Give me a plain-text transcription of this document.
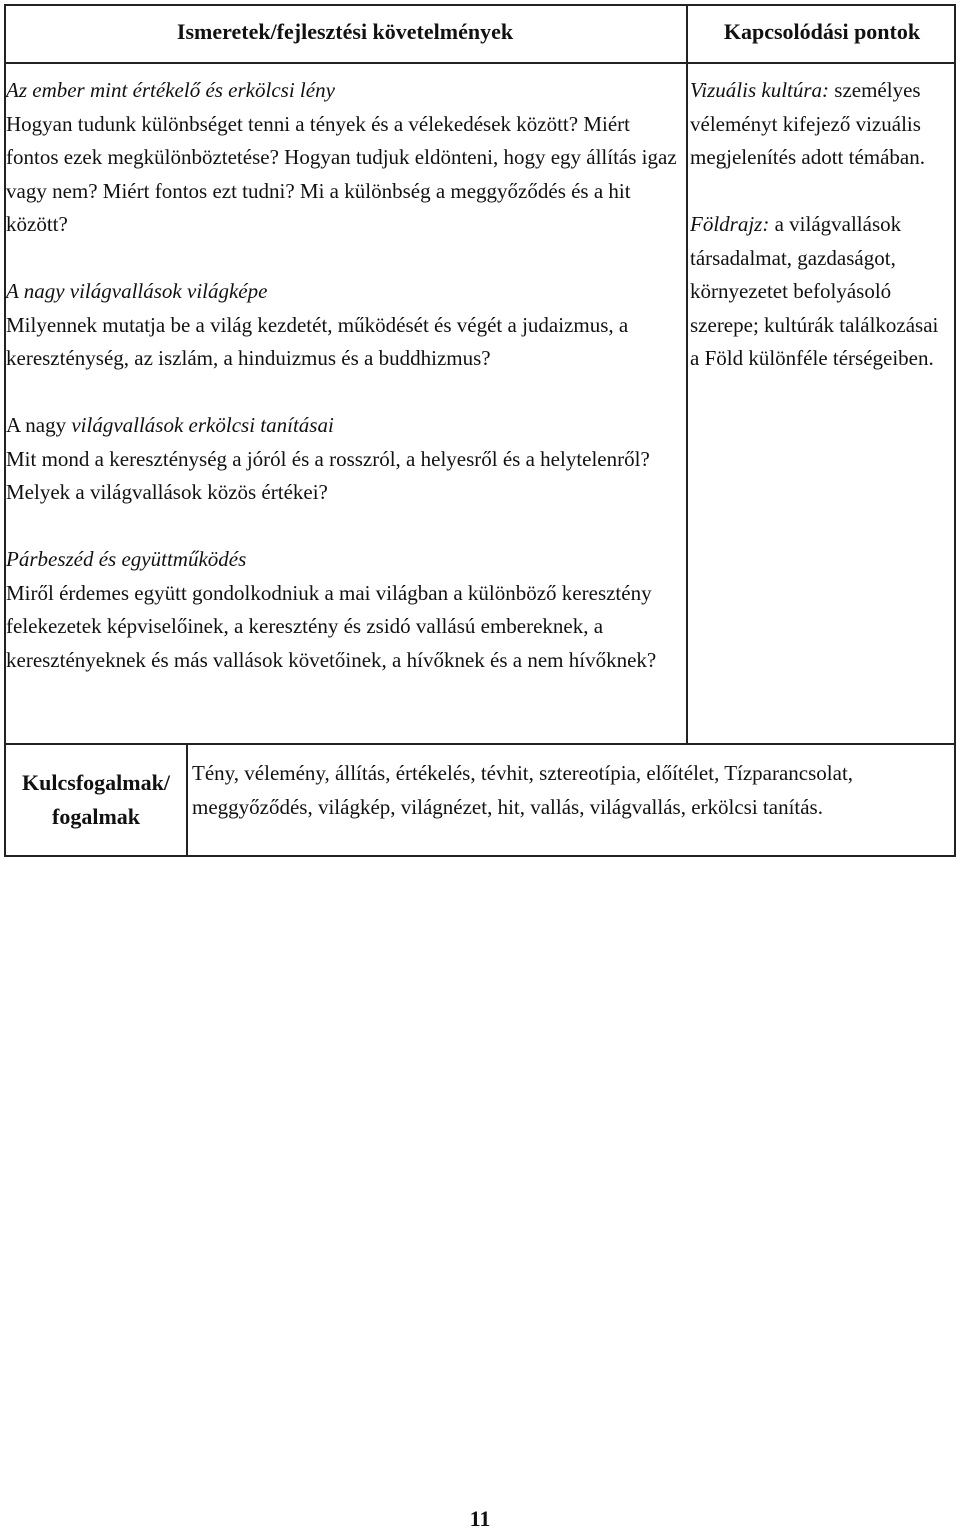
Ismeretek/fejlesztési követelmények	Kapcsolódási pontok
Az ember mint értékelő és erkölcsi lény
Hogyan tudunk különbséget tenni a tények és a vélekedések között? Miért fontos ezek megkülönböztetése? Hogyan tudjuk eldönteni, hogy egy állítás igaz vagy nem? Miért fontos ezt tudni? Mi a különbség a meggyőződés és a hit között?
A nagy világvallások világképe
Milyennek mutatja be a világ kezdetét, működését és végét a judaizmus, a kereszténység, az iszlám, a hinduizmus és a buddhizmus?
A nagy világvallások erkölcsi tanításai
Mit mond a kereszténység a jóról és a rosszról, a helyesről és a helytelenről? Melyek a világvallások közös értékei?
Párbeszéd és együttműködés
Miről érdemes együtt gondolkodniuk a mai világban a különböző keresztény felekezetek képviselőinek, a keresztény és zsidó vallású embereknek, a keresztényeknek és más vallások követőinek, a hívőknek és a nem hívőknek?
Vizuális kultúra: személyes véleményt kifejező vizuális megjelenítés adott témában.
Földrajz: a világvallások társadalmat, gazdaságot, környezetet befolyásoló szerepe; kultúrák találkozásai a Föld különféle térségeiben.
Kulcsfogalmak/
fogalmak
Tény, vélemény, állítás, értékelés, tévhit, sztereotípia, előítélet, Tízparancsolat, meggyőződés, világkép, világnézet, hit, vallás, világvallás, erkölcsi tanítás.
11
